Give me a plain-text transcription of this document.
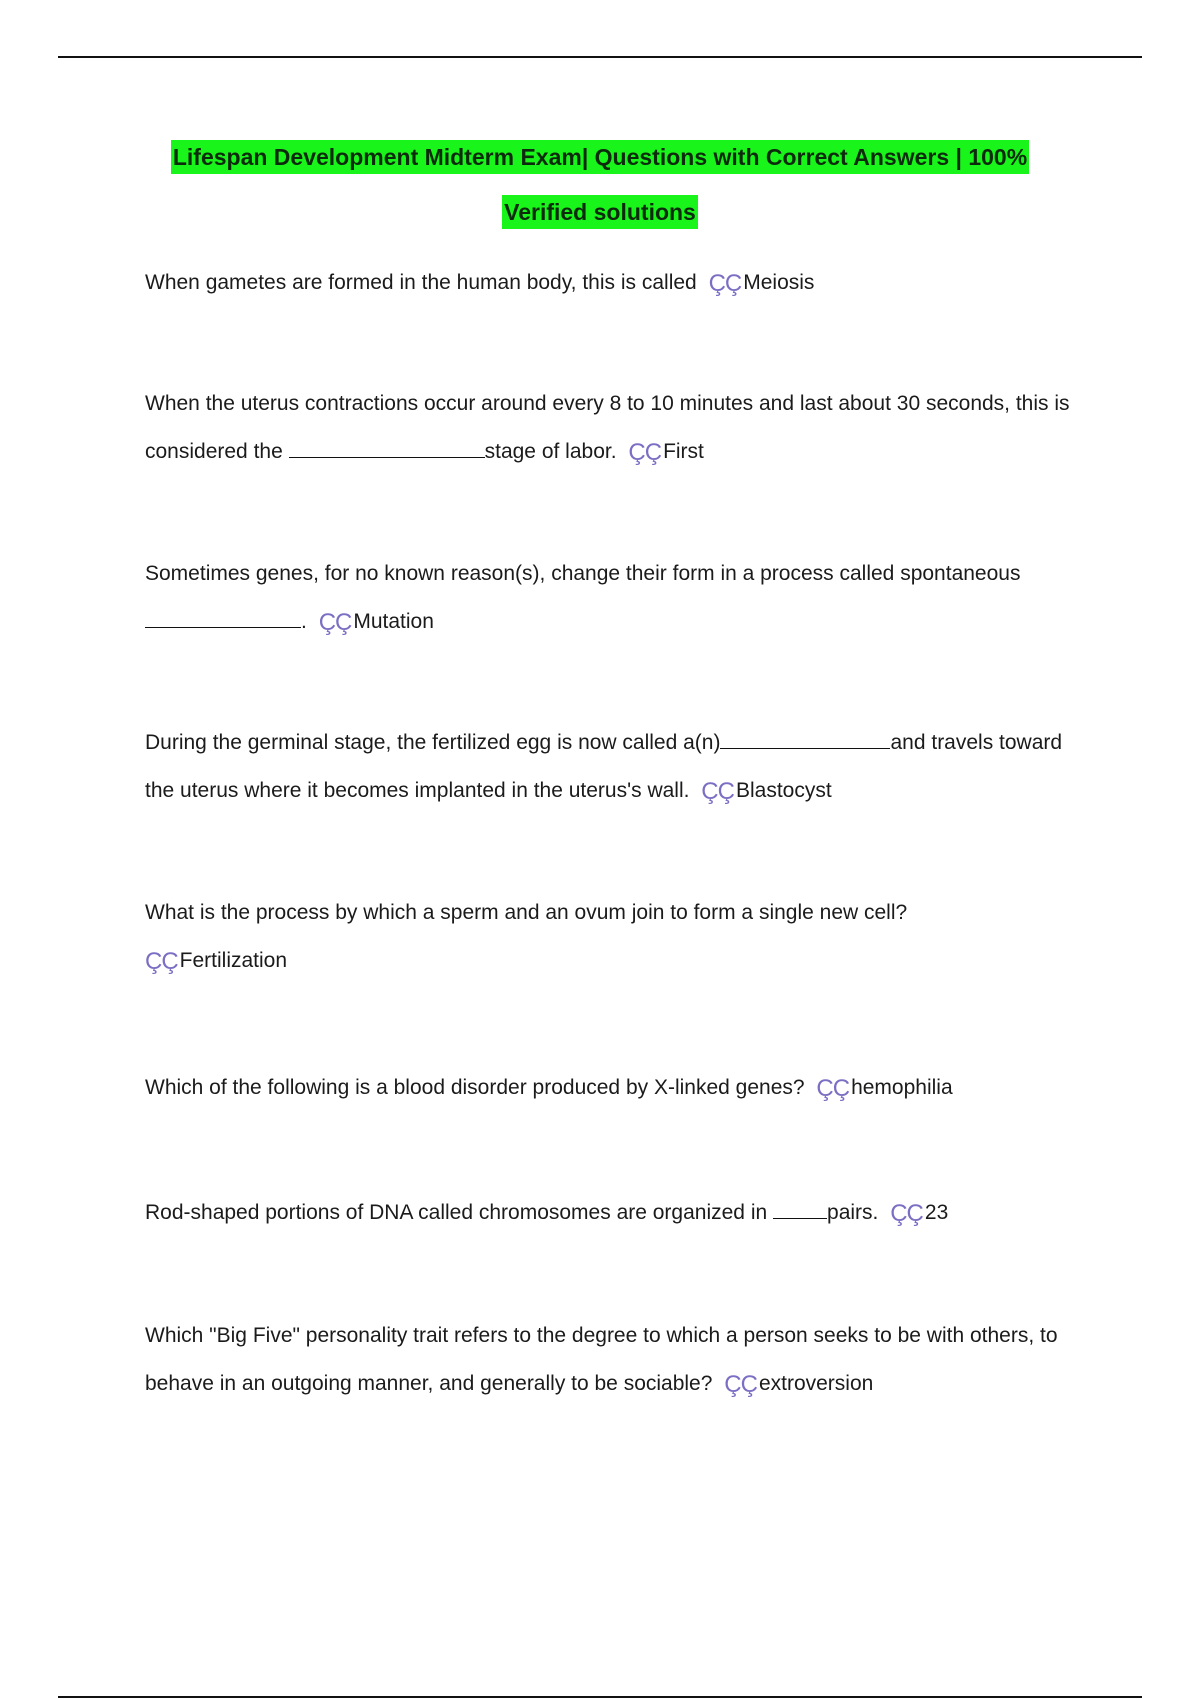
Lifespan Development Midterm Exam| Questions with Correct Answers | 100%
Verified solutions
When gametes are formed in the human body, this is called ÇÇMeiosis
When the uterus contractions occur around every 8 to 10 minutes and last about 30 seconds, this is considered the	stage of labor. ÇÇFirst
Sometimes genes, for no known reason(s), change their form in a process called spontaneous
. ÇÇMutation
During the germinal stage, the fertilized egg is now called a(n)	and travels toward the uterus where it becomes implanted in the uterus's wall. ÇÇBlastocyst
What is the process by which a sperm and an ovum join to form a single new cell?
ÇÇFertilization
Which of the following is a blood disorder produced by X-linked genes? ÇÇhemophilia
Rod-shaped portions of DNA called chromosomes are organized in	pairs. ÇÇ23
Which "Big Five" personality trait refers to the degree to which a person seeks to be with others, to behave in an outgoing manner, and generally to be sociable? ÇÇextroversion
